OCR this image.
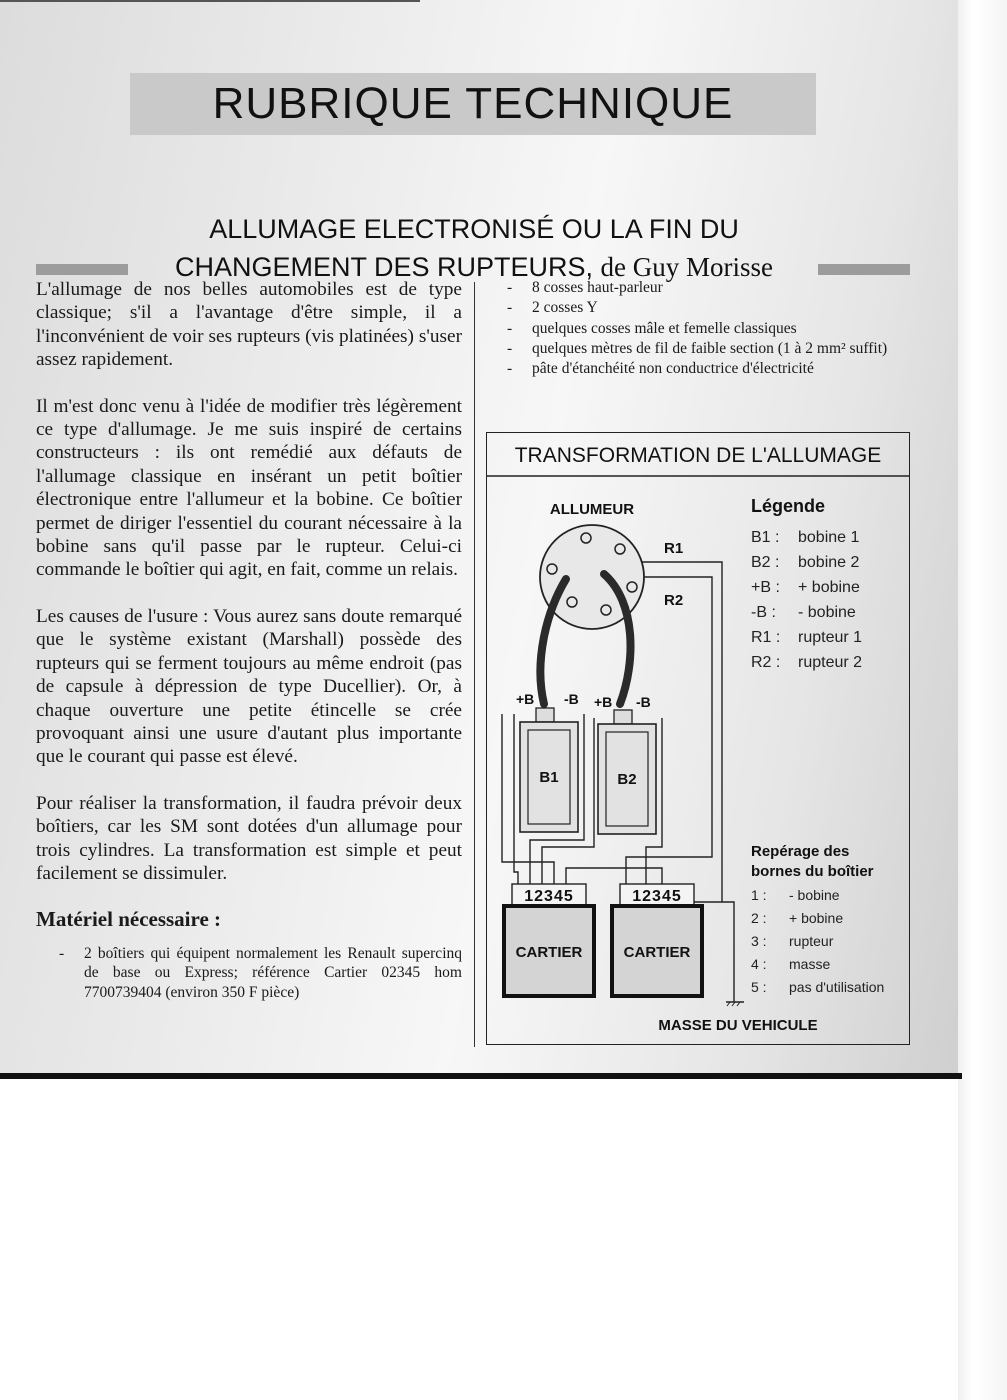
RUBRIQUE TECHNIQUE
ALLUMAGE ELECTRONISÉ OU LA FIN DU
CHANGEMENT DES RUPTEURS, de Guy Morisse

L'allumage de nos belles automobiles est de type classique; s'il a l'avantage d'être simple, il a l'inconvénient de voir ses rupteurs (vis platinées) s'user assez rapidement.

Il m'est donc venu à l'idée de modifier très légèrement ce type d'allumage. Je me suis inspiré de certains constructeurs : ils ont remédié aux défauts de l'allumage classique en insérant un petit boîtier électronique entre l'allumeur et la bobine. Ce boîtier permet de diriger l'essentiel du courant nécessaire à la bobine sans qu'il passe par le rupteur. Celui-ci commande le boîtier qui agit, en fait, comme un relais.

Les causes de l'usure : Vous aurez sans doute remarqué que le système existant (Marshall) possède des rupteurs qui se ferment toujours au même endroit (pas de capsule à dépression de type Ducellier). Or, à chaque ouverture une petite étincelle se crée provoquant ainsi une usure d'autant plus importante que le courant qui passe est élevé.

Pour réaliser la transformation, il faudra prévoir deux boîtiers, car les SM sont dotées d'un allumage pour trois cylindres. La transformation est simple et peut facilement se dissimuler.

Matériel nécessaire :
- 2 boîtiers qui équipent normalement les Renault supercinq de base ou Express; référence Cartier 02345 hom 7700739404 (environ 350 F pièce)
- 8 cosses haut-parleur
- 2 cosses Y
- quelques cosses mâle et femelle classiques
- quelques mètres de fil de faible section (1 à 2 mm² suffit)
- pâte d'étanchéité non conductrice d'électricité
TRANSFORMATION DE L'ALLUMAGE
ALLUMEUR
R1
R2
+B -B
B1
+B -B
B2
12345
CARTIER
12345
CARTIER
MASSE DU VEHICULE
Légende
B1 : bobine 1
B2 : bobine 2
+B : + bobine
-B : - bobine
R1 : rupteur 1
R2 : rupteur 2
Repérage des bornes du boîtier
1 : - bobine
2 : + bobine
3 : rupteur
4 : masse
5 : pas d'utilisation
